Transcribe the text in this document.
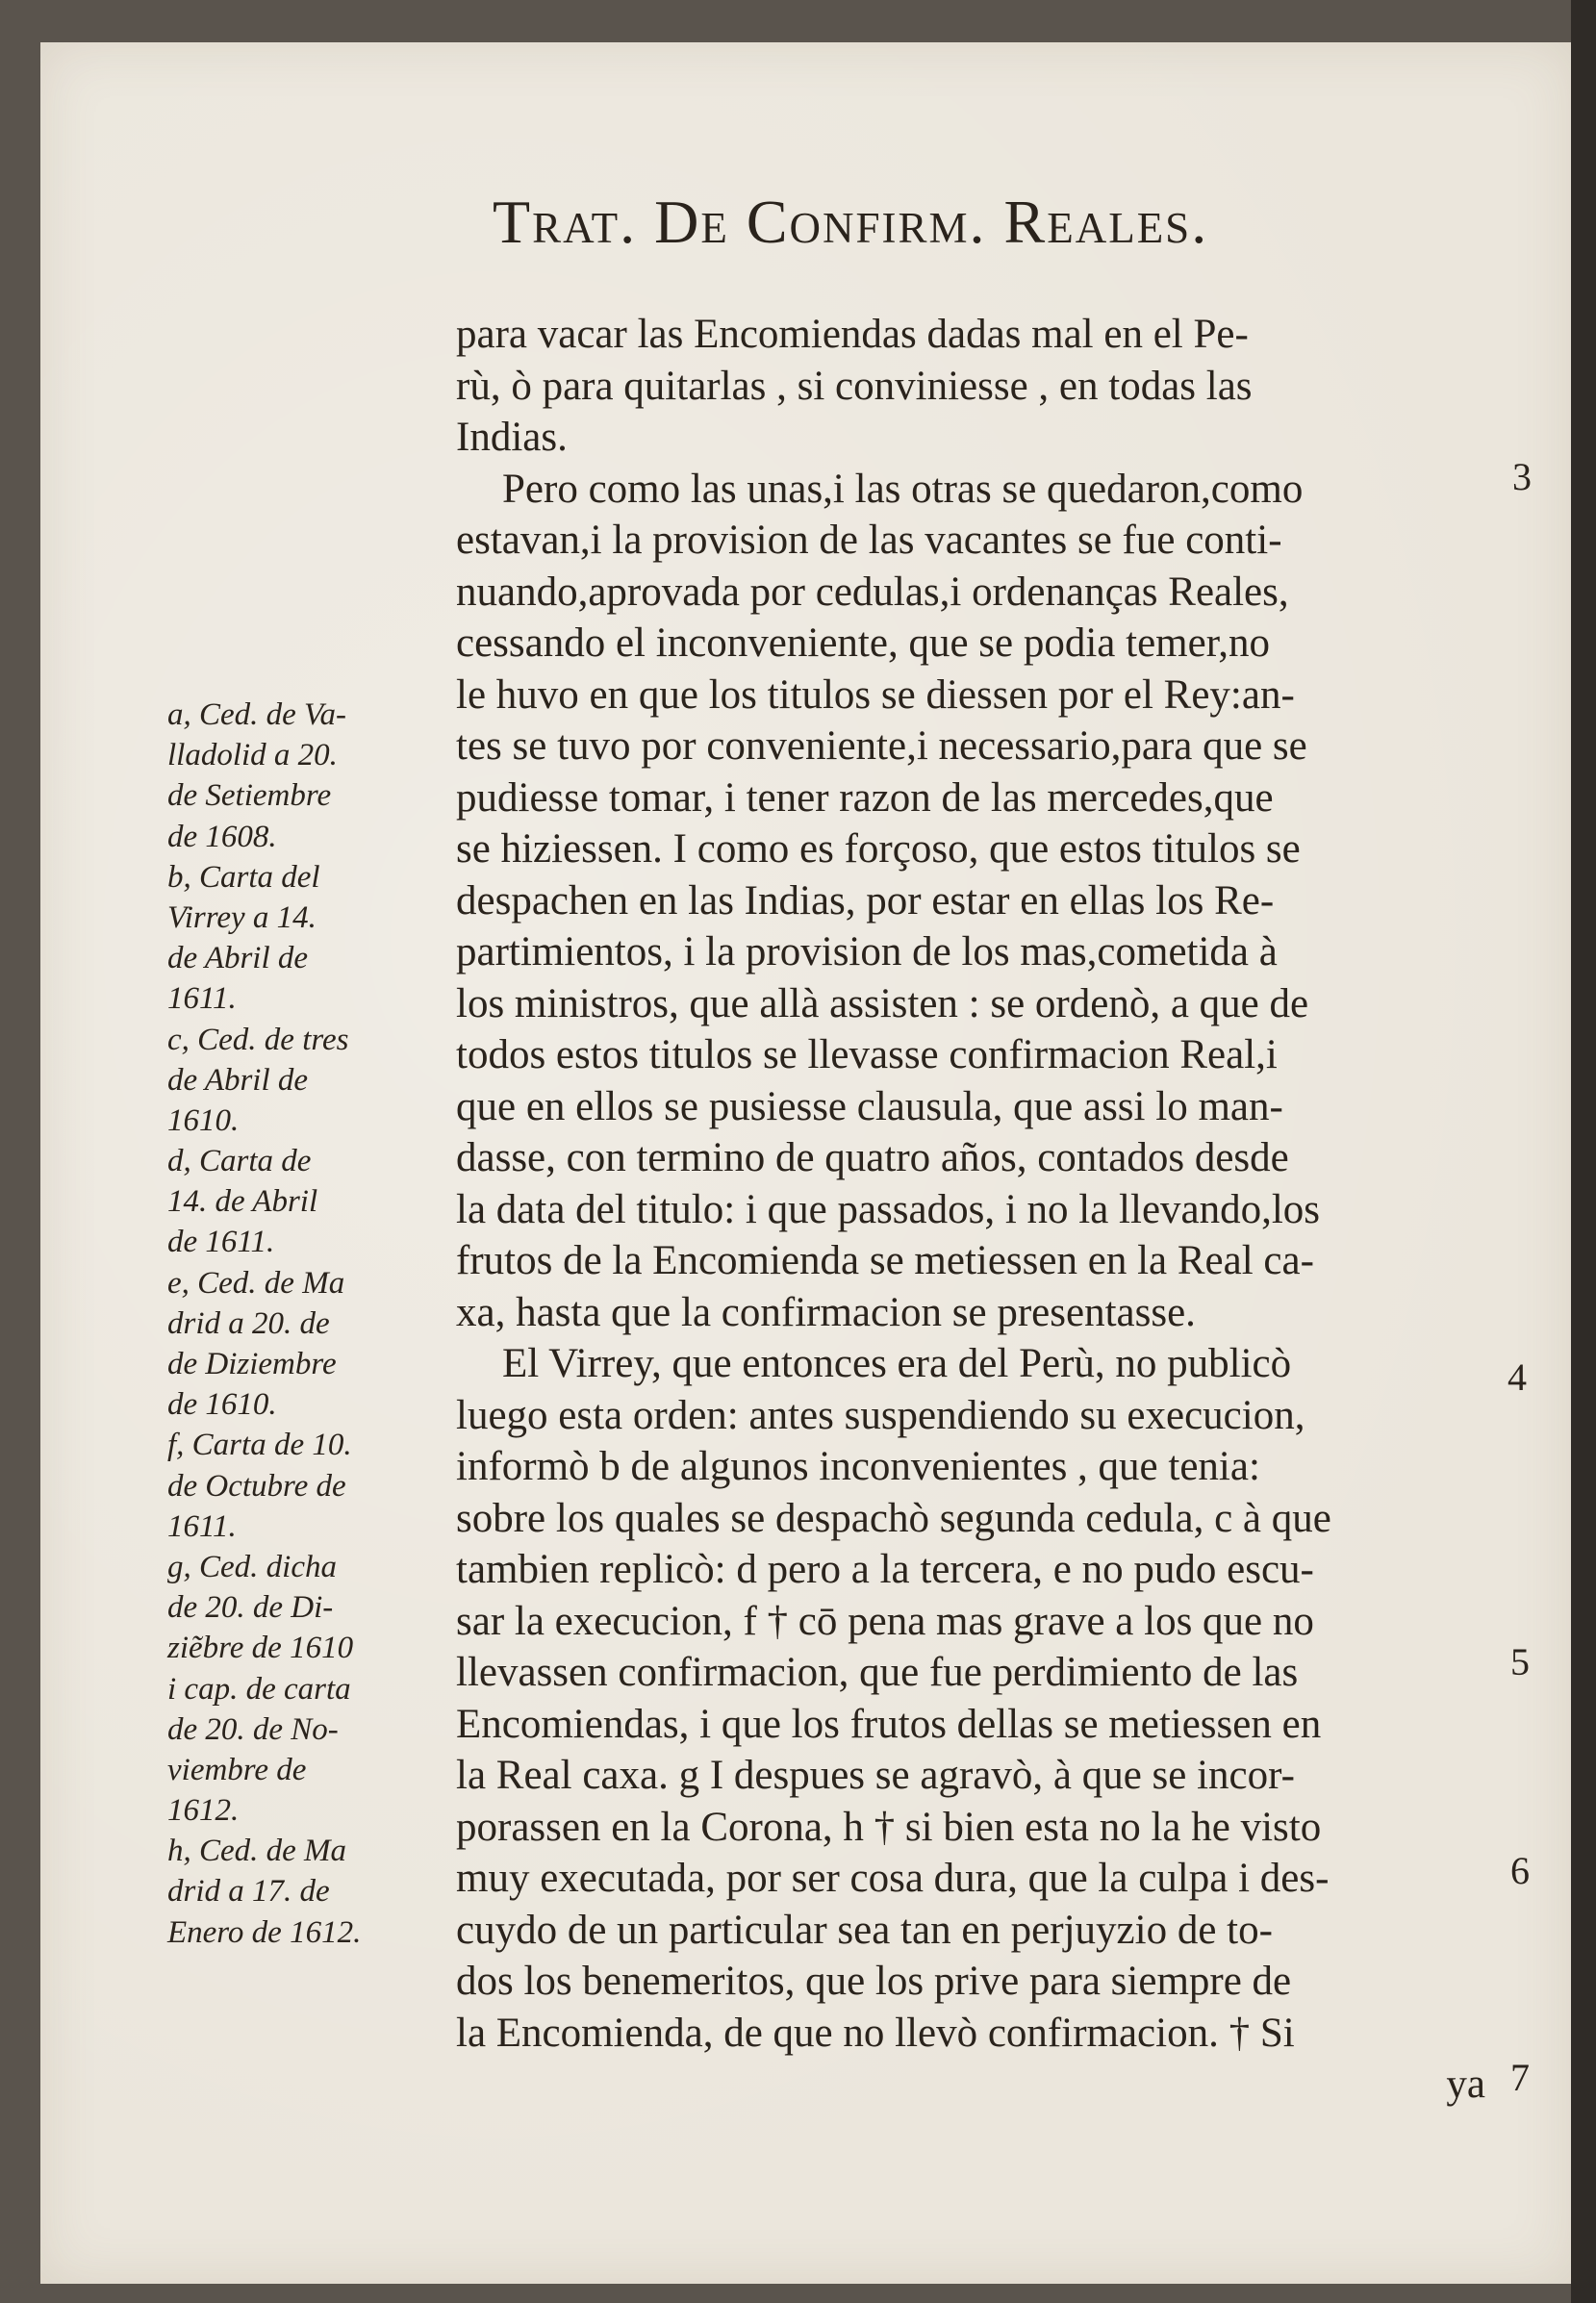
Trat. De Confirm. Reales.
para vacar las Encomiendas dadas mal en el Pe-
rù, ò para quitarlas , si conviniesse , en todas las
Indias.
Pero como las unas,i las otras se quedaron,como
estavan,i la provision de las vacantes se fue conti-
nuando,aprovada por cedulas,i ordenanças Reales,
cessando el inconveniente, que se podia temer,no
le huvo en que los titulos se diessen por el Rey:an-
tes se tuvo por conveniente,i necessario,para que se
pudiesse tomar, i tener razon de las mercedes,que
se hiziessen. I como es forçoso, que estos titulos se
despachen en las Indias, por estar en ellas los Re-
partimientos, i la provision de los mas,cometida à
los ministros, que allà assisten : se ordenò, a que de
todos estos titulos se llevasse confirmacion Real,i
que en ellos se pusiesse clausula, que assi lo man-
dasse, con termino de quatro años, contados desde
la data del titulo: i que passados, i no la llevando,los
frutos de la Encomienda se metiessen en la Real ca-
xa, hasta que la confirmacion se presentasse.
El Virrey, que entonces era del Perù, no publicò
luego esta orden: antes suspendiendo su execucion,
informò b de algunos inconvenientes , que tenia:
sobre los quales se despachò segunda cedula, c à que
tambien replicò: d pero a la tercera, e no pudo escu-
sar la execucion, f † cō pena mas grave a los que no
llevassen confirmacion, que fue perdimiento de las
Encomiendas, i que los frutos dellas se metiessen en
la Real caxa. g I despues se agravò, à que se incor-
porassen en la Corona, h † si bien esta no la he visto
muy executada, por ser cosa dura, que la culpa i des-
cuydo de un particular sea tan en perjuyzio de to-
dos los benemeritos, que los prive para siempre de
la Encomienda, de que no llevò confirmacion. † Si
ya
a, Ced. de Va-
lladolid a 20.
de Setiembre
de 1608.
b, Carta del
Virrey a 14.
de Abril de
1611.
c, Ced. de tres
de Abril de
1610.
d, Carta de
14. de Abril
de 1611.
e, Ced. de Ma
drid a 20. de
de Diziembre
de 1610.
f, Carta de 10.
de Octubre de
1611.
g, Ced. dicha
de 20. de Di-
ziẽbre de 1610
i cap. de carta
de 20. de No-
viembre de
1612.
h, Ced. de Ma
drid a 17. de
Enero de 1612.
3
4
5
6
7
